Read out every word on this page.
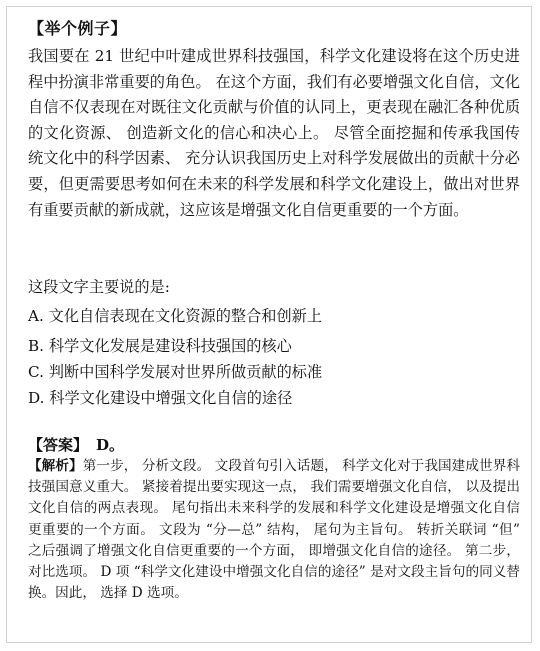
【举个例子】

我国要在 21 世纪中叶建成世界科技强国，科学文化建设将在这个历史进程中扮演非常重要的角色。 在这个方面，我们有必要增强文化自信，文化自信不仅表现在对既往文化贡献与价值的认同上，更表现在融汇各种优质的文化资源、 创造新文化的信心和决心上。 尽管全面挖掘和传承我国传统文化中的科学因素、 充分认识我国历史上对科学发展做出的贡献十分必要，但更需要思考如何在未来的科学发展和科学文化建设上，做出对世界有重要贡献的新成就，这应该是增强文化自信更重要的一个方面。

这段文字主要说的是:
A. 文化自信表现在文化资源的整合和创新上
B. 科学文化发展是建设科技强国的核心
C. 判断中国科学发展对世界所做贡献的标准
D. 科学文化建设中增强文化自信的途径
【答案】 D。

【解析】第一步， 分析文段。 文段首句引入话题， 科学文化对于我国建成世界科技强国意义重大。 紧接着提出要实现这一点， 我们需要增强文化自信， 以及提出文化自信的两点表现。 尾句指出未来科学的发展和科学文化建设是增强文化自信更重要的一个方面。 文段为 “分—总” 结构， 尾句为主旨句。 转折关联词 “但” 之后强调了增强文化自信更重要的一个方面， 即增强文化自信的途径。 第二步， 对比选项。 D 项 “科学文化建设中增强文化自信的途径” 是对文段主旨句的同义替换。因此， 选择 D 选项。
